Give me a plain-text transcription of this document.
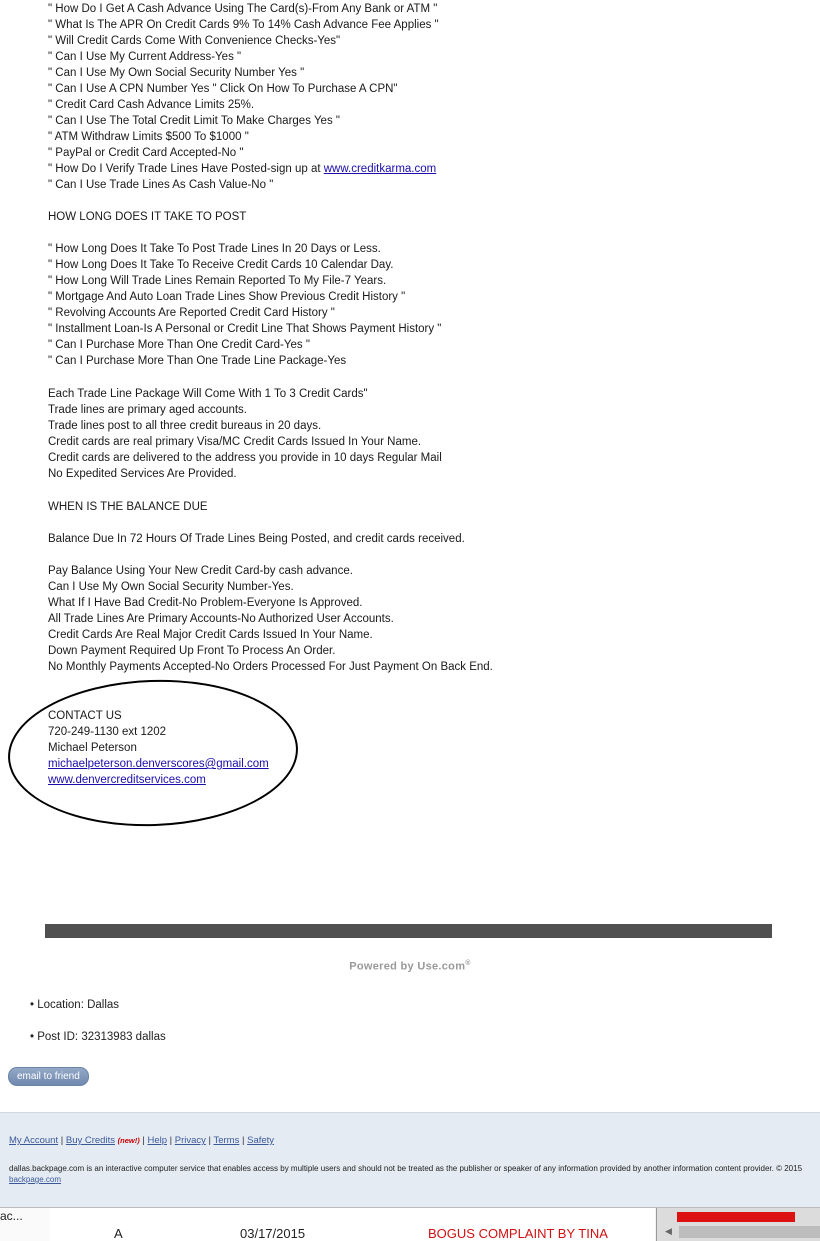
" How Do I Get A Cash Advance Using The Card(s)-From Any Bank or ATM "
" What Is The APR On Credit Cards 9% To 14% Cash Advance Fee Applies "
" Will Credit Cards Come With Convenience Checks-Yes"
" Can I Use My Current Address-Yes "
" Can I Use My Own Social Security Number Yes "
" Can I Use A CPN Number Yes " Click On How To Purchase A CPN"
" Credit Card Cash Advance Limits 25%.
" Can I Use The Total Credit Limit To Make Charges Yes "
" ATM Withdraw Limits $500 To $1000 "
" PayPal or Credit Card Accepted-No "
" How Do I Verify Trade Lines Have Posted-sign up at www.creditkarma.com
" Can I Use Trade Lines As Cash Value-No "
HOW LONG DOES IT TAKE TO POST
" How Long Does It Take To Post Trade Lines In 20 Days or Less.
" How Long Does It Take To Receive Credit Cards 10 Calendar Day.
" How Long Will Trade Lines Remain Reported To My File-7 Years.
" Mortgage And Auto Loan Trade Lines Show Previous Credit History "
" Revolving Accounts Are Reported Credit Card History "
" Installment Loan-Is A Personal or Credit Line That Shows Payment History "
" Can I Purchase More Than One Credit Card-Yes "
" Can I Purchase More Than One Trade Line Package-Yes
Each Trade Line Package Will Come With 1 To 3 Credit Cards"
Trade lines are primary aged accounts.
Trade lines post to all three credit bureaus in 20 days.
Credit cards are real primary Visa/MC Credit Cards Issued In Your Name.
Credit cards are delivered to the address you provide in 10 days Regular Mail
No Expedited Services Are Provided.
WHEN IS THE BALANCE DUE
Balance Due In 72 Hours Of Trade Lines Being Posted, and credit cards received.
Pay Balance Using Your New Credit Card-by cash advance.
Can I Use My Own Social Security Number-Yes.
What If I Have Bad Credit-No Problem-Everyone Is Approved.
All Trade Lines Are Primary Accounts-No Authorized User Accounts.
Credit Cards Are Real Major Credit Cards Issued In Your Name.
Down Payment Required Up Front To Process An Order.
No Monthly Payments Accepted-No Orders Processed For Just Payment On Back End.
CONTACT US
720-249-1130 ext 1202
Michael Peterson
michaelpeterson.denverscores@gmail.com
www.denvercreditservices.com
Powered by Use.com®
• Location: Dallas
• Post ID: 32313983 dallas
email to friend
My Account | Buy Credits (new!) | Help | Privacy | Terms | Safety
dallas.backpage.com is an interactive computer service that enables access by multiple users and should not be treated as the publisher or speaker of any information provided by another information content provider. © 2015 backpage.com
ac...
A	03/17/2015	BOGUS COMPLAINT BY TINA	◀
